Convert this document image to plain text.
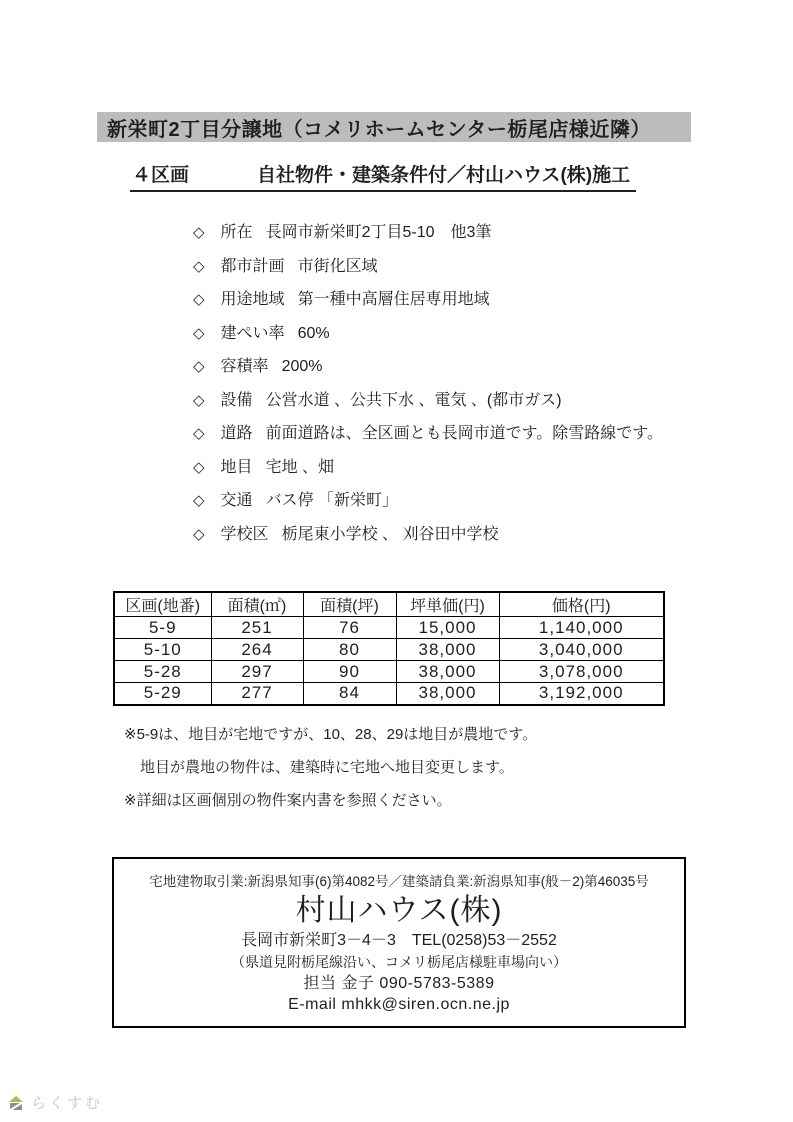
新栄町2丁目分譲地（コメリホームセンター栃尾店様近隣）
４区画	自社物件・建築条件付／村山ハウス(株)施工
◇ 所在 長岡市新栄町2丁目5-10　他3筆
◇ 都市計画 市街化区域
◇ 用途地域 第一種中高層住居専用地域
◇ 建ぺい率 60%
◇ 容積率 200%
◇ 設備 公営水道 、公共下水 、電気 、(都市ガス)
◇ 道路 前面道路は、全区画とも長岡市道です。除雪路線です。
◇ 地目 宅地 、畑
◇ 交通 バス停 「新栄町」
◇ 学校区 栃尾東小学校 、 刈谷田中学校
区画(地番)	面積(㎡)	面積(坪)	坪単価(円)	価格(円)
5-9	251	76	15,000	1,140,000
5-10	264	80	38,000	3,040,000
5-28	297	90	38,000	3,078,000
5-29	277	84	38,000	3,192,000
※5-9は、地目が宅地ですが、10、28、29は地目が農地です。
地目が農地の物件は、建築時に宅地へ地目変更します。
※詳細は区画個別の物件案内書を参照ください。
宅地建物取引業:新潟県知事(6)第4082号／建築請負業:新潟県知事(般－2)第46035号
村山ハウス(株)
長岡市新栄町3－4－3　TEL(0258)53－2552
（県道見附栃尾線沿い、コメリ栃尾店様駐車場向い）
担当 金子 090-5783-5389
E-mail mhkk@siren.ocn.ne.jp
らくすむ
